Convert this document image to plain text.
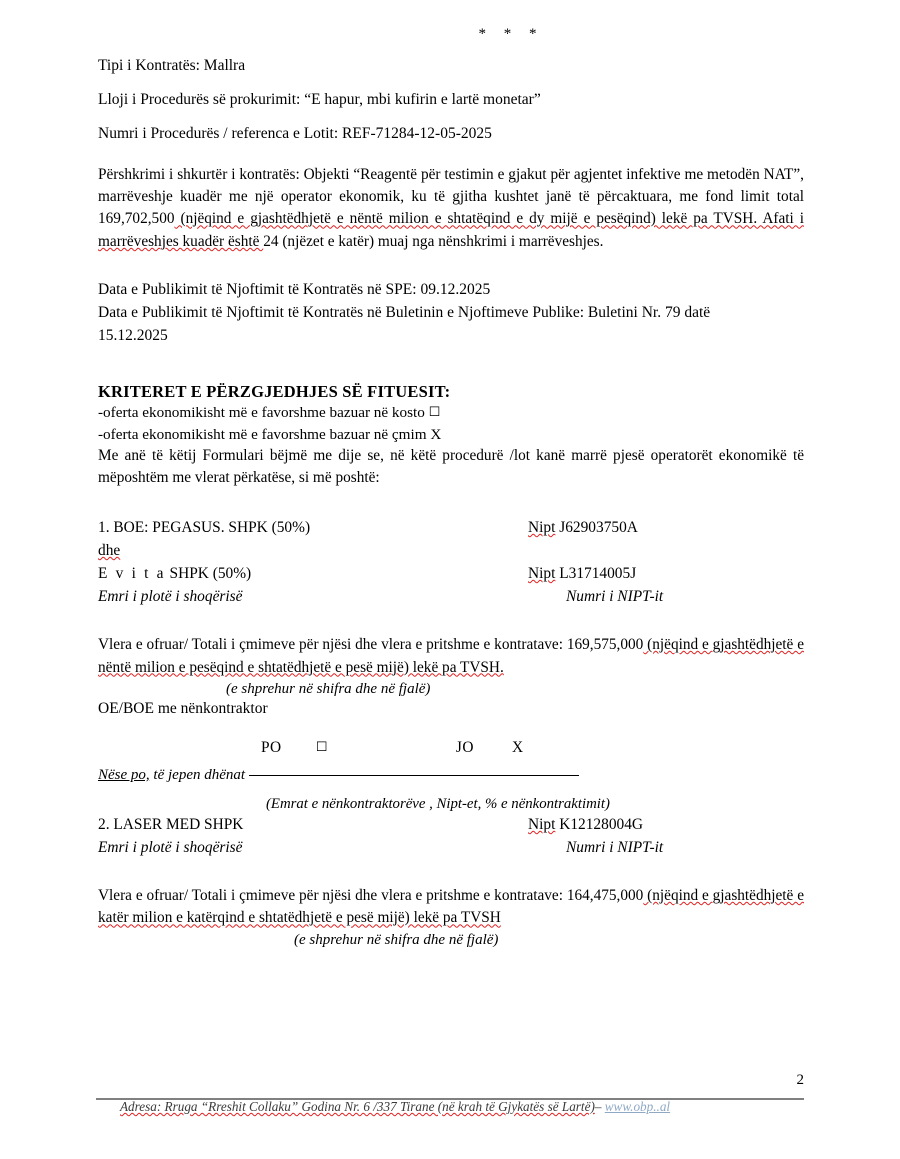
* * *

Tipi i Kontratës: Mallra

Lloji i Procedurës së prokurimit: “E hapur, mbi kufirin e lartë monetar”

Numri i Procedurës / referenca e Lotit: REF-71284-12-05-2025

Përshkrimi i shkurtër i kontratës: Objekti “Reagentë për testimin e gjakut për agjentet infektive me metodën NAT”, marrëveshje kuadër me një operator ekonomik, ku të gjitha kushtet janë të përcaktuara, me fond limit total 169,702,500 (njëqind e gjashtëdhjetë e nëntë milion e shtatëqind e dy mijë e pesëqind) lekë pa TVSH. Afati i marrëveshjes kuadër është 24 (njëzet e katër) muaj nga nënshkrimi i marrëveshjes.

Data e Publikimit të Njoftimit të Kontratës në SPE: 09.12.2025

Data e Publikimit të Njoftimit të Kontratës në Buletinin e Njoftimeve Publike: Buletini Nr. 79 datë

15.12.2025

KRITERET E PËRZGJEDHJES SË FITUESIT:

-oferta ekonomikisht më e favorshme bazuar në kosto ☐

-oferta ekonomikisht më e favorshme bazuar në çmim X

Me anë të këtij Formulari bëjmë me dije se, në këtë procedurë /lot kanë marrë pjesë operatorët ekonomikë të mëposhtëm me vlerat përkatëse, si më poshtë:

1. BOE: PEGASUS. SHPK (50%)	Nipt J62903750A
dhe
E v i t a SHPK (50%)	Nipt L31714005J
Emri i plotë i shoqërisë	Numri i NIPT-it

Vlera e ofruar/ Totali i çmimeve për njësi dhe vlera e pritshme e kontratave: 169,575,000 (njëqind e gjashtëdhjetë e nëntë milion e pesëqind e shtatëdhjetë e pesë mijë) lekë pa TVSH.

(e shprehur në shifra dhe në fjalë)

OE/BOE me nënkontraktor

PO	☐	JO X

Nëse po, të jepen dhënat

(Emrat e nënkontraktorëve , Nipt-et, % e nënkontraktimit)

2. LASER MED SHPK	Nipt K12128004G
Emri i plotë i shoqërisë	Numri i NIPT-it

Vlera e ofruar/ Totali i çmimeve për njësi dhe vlera e pritshme e kontratave: 164,475,000 (njëqind e gjashtëdhjetë e katër milion e katërqind e shtatëdhjetë e pesë mijë) lekë pa TVSH

(e shprehur në shifra dhe në fjalë)

2
Adresa: Rruga “Rreshit Collaku” Godina Nr. 6 /337 Tirane (në krah të Gjykatës së Lartë)– www.obp..al
